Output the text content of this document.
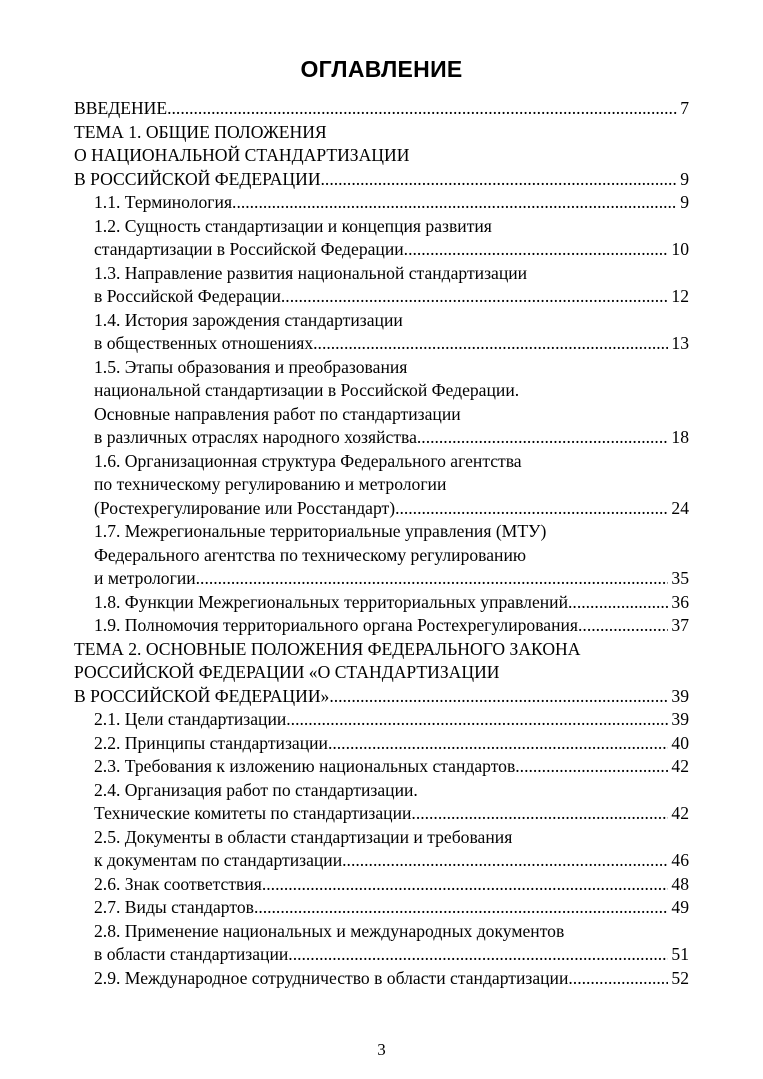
ОГЛАВЛЕНИЕ
ВВЕДЕНИЕ .....	7
ТЕМА 1. ОБЩИЕ ПОЛОЖЕНИЯ
О НАЦИОНАЛЬНОЙ СТАНДАРТИЗАЦИИ
В РОССИЙСКОЙ ФЕДЕРАЦИИ .....	9
1.1. Терминология .....	9
1.2. Сущность стандартизации и концепция развития
стандартизации в Российской Федерации .....	10
1.3. Направление развития национальной стандартизации
в Российской Федерации .....	12
1.4. История зарождения стандартизации
в общественных отношениях .....	13
1.5. Этапы образования и преобразования
национальной стандартизации в Российской Федерации.
Основные направления работ по стандартизации
в различных отраслях народного хозяйства .....	18
1.6. Организационная структура Федерального агентства
по техническому регулированию и метрологии
(Ростехрегулирование или Росстандарт) .....	24
1.7. Межрегиональные территориальные управления (МТУ)
Федерального агентства по техническому регулированию
и метрологии .....	35
1.8. Функции Межрегиональных территориальных управлений .....	36
1.9. Полномочия территориального органа Ростехрегулирования .....	37
ТЕМА 2. ОСНОВНЫЕ ПОЛОЖЕНИЯ ФЕДЕРАЛЬНОГО ЗАКОНА
РОССИЙСКОЙ ФЕДЕРАЦИИ «О СТАНДАРТИЗАЦИИ
В РОССИЙСКОЙ ФЕДЕРАЦИИ» .....	39
2.1. Цели стандартизации .....	39
2.2. Принципы стандартизации .....	40
2.3. Требования к изложению национальных стандартов .....	42
2.4. Организация работ по стандартизации.
Технические комитеты по стандартизации .....	42
2.5. Документы в области стандартизации и требования
к документам по стандартизации .....	46
2.6. Знак соответствия .....	48
2.7. Виды стандартов .....	49
2.8. Применение национальных и международных документов
в области стандартизации .....	51
2.9. Международное сотрудничество в области стандартизации .....	52
3
